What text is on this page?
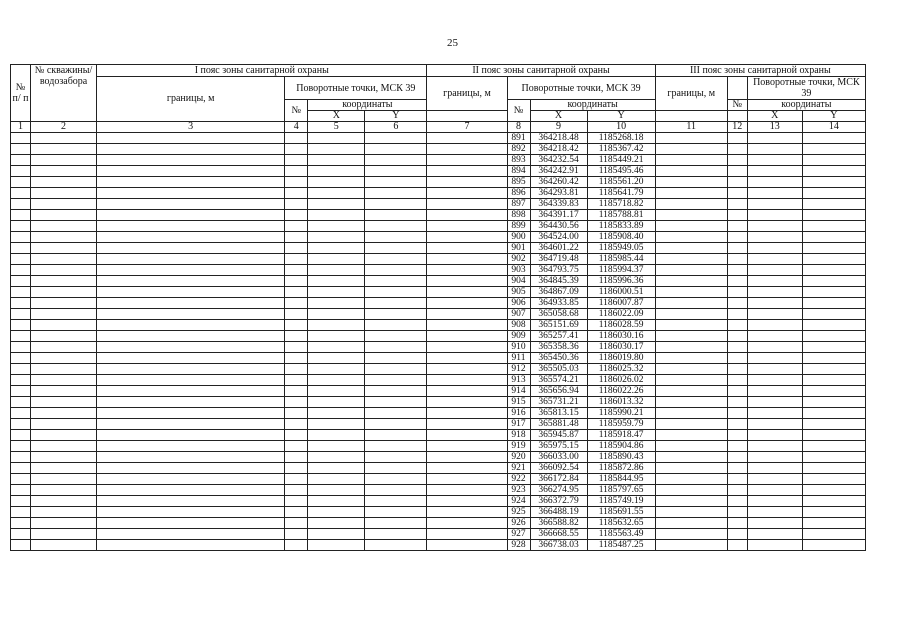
25
№ п/ п	№ скважины/ водозабора	I пояс зоны санитарной охраны				II пояс зоны санитарной охраны				III пояс зоны санитарной охраны			
		границы, м	Поворотные точки, МСК 39			границы, м	Поворотные точки, МСК 39			границы, м		Поворотные точки, МСК 39	
			№	координаты			№	координаты			№	координаты	
				X	Y			X	Y			X	Y
1	2	3	4	5	6	7	8	9	10	11	12	13	14
							891	364218.48	1185268.18				
							892	364218.42	1185367.42				
							893	364232.54	1185449.21				
							894	364242.91	1185495.46				
							895	364260.42	1185561.20				
							896	364293.81	1185641.79				
							897	364339.83	1185718.82				
							898	364391.17	1185788.81				
							899	364430.56	1185833.89				
							900	364524.00	1185908.40				
							901	364601.22	1185949.05				
							902	364719.48	1185985.44				
							903	364793.75	1185994.37				
							904	364845.39	1185996.36				
							905	364867.09	1186000.51				
							906	364933.85	1186007.87				
							907	365058.68	1186022.09				
							908	365151.69	1186028.59				
							909	365257.41	1186030.16				
							910	365358.36	1186030.17				
							911	365450.36	1186019.80				
							912	365505.03	1186025.32				
							913	365574.21	1186026.02				
							914	365656.94	1186022.26				
							915	365731.21	1186013.32				
							916	365813.15	1185990.21				
							917	365881.48	1185959.79				
							918	365945.87	1185918.47				
							919	365975.15	1185904.86				
							920	366033.00	1185890.43				
							921	366092.54	1185872.86				
							922	366172.84	1185844.95				
							923	366274.95	1185797.65				
							924	366372.79	1185749.19				
							925	366488.19	1185691.55				
							926	366588.82	1185632.65				
							927	366668.55	1185563.49				
							928	366738.03	1185487.25				
